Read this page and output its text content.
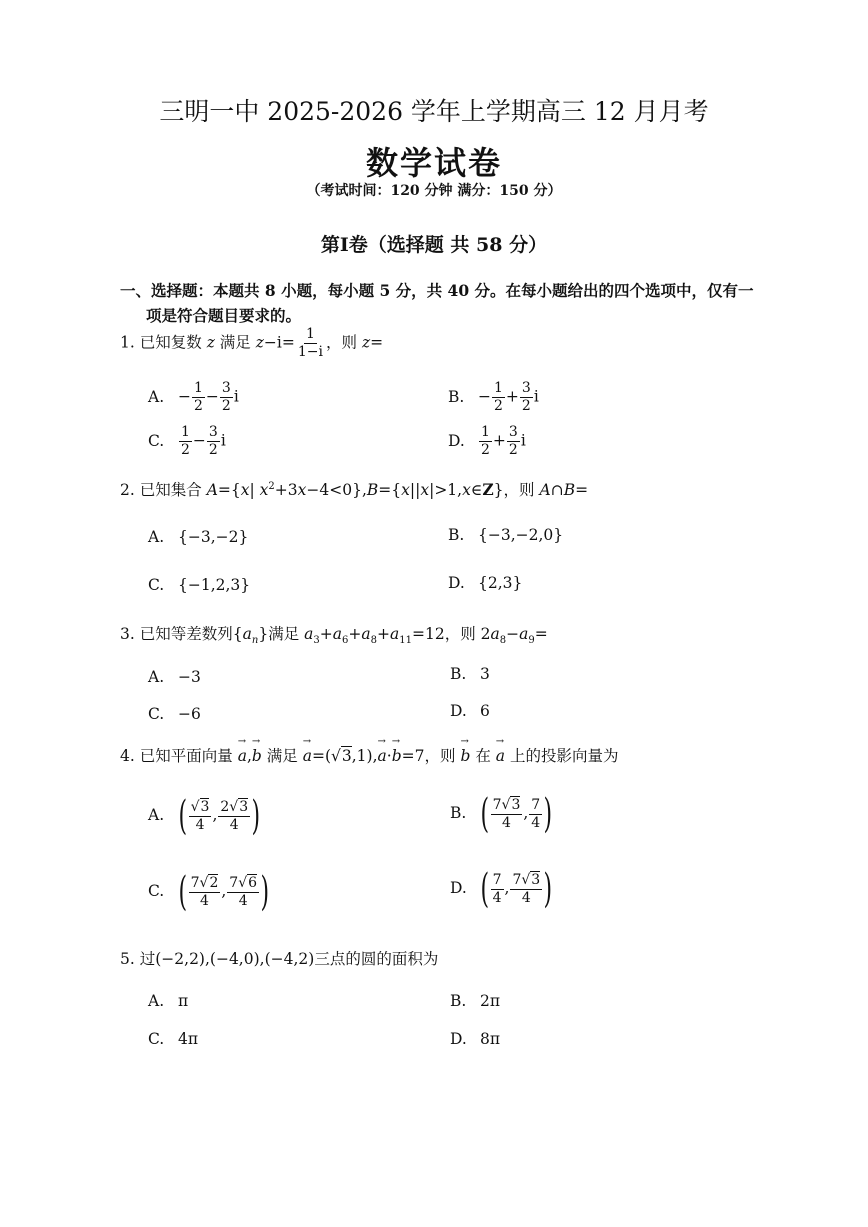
三明一中 2025-2026 学年上学期高三 12 月月考
数学试卷
（考试时间：120 分钟 满分：150 分）
第Ⅰ卷（选择题 共 58 分）
一、选择题：本题共 8 小题，每小题 5 分，共 40 分。在每小题给出的四个选项中，仅有一
项是符合题目要求的。
1. 已知复数 z 满足 $z-i= \frac{1}{1-i}$ ，则 z=
A. − $\frac{1}{2} - \frac{3}{2}$ i	B. − $\frac{1}{2} + \frac{3}{2}$ i
C. $\frac{1}{2} - \frac{3}{2}$ i	D. $\frac{1}{2} + \frac{3}{2}$ i
2. 已知集合 A={x| $x^2+3x-4<0\},B=\{x||x|>1,x\in Z\}$，则 A∩B=
A. {−3,−2}	B. {−3,−2,0}
C. {−1,2,3}	D. {2,3}
3. 已知等差数列$\{a_n\}$满足 $a_3+a_6+a_8+a_{11}=12$，则 $2a_8-a_9=$
A. −3	B. 3
C. −6	D. 6
4. 已知平面向量 → a,→ b 满足 → a=(√3,1),→ a·→ b=7，则 → b 在 → a 上的投影向量为
A. ( $\frac{√3}{4}$ , $\frac{2√3}{4}$ )	B. ( $\frac{7√3}{4}$ , $\frac{7}{4}$ )
C. ( $\frac{7√2}{4}$ , $\frac{7√6}{4}$ )	D. ( $\frac{7}{4}$ , $\frac{7√3}{4}$ )
5. 过(−2,2),(−4,0),(−4,2)三点的圆的面积为
A. π	B. 2π
C. 4π	D. 8π
